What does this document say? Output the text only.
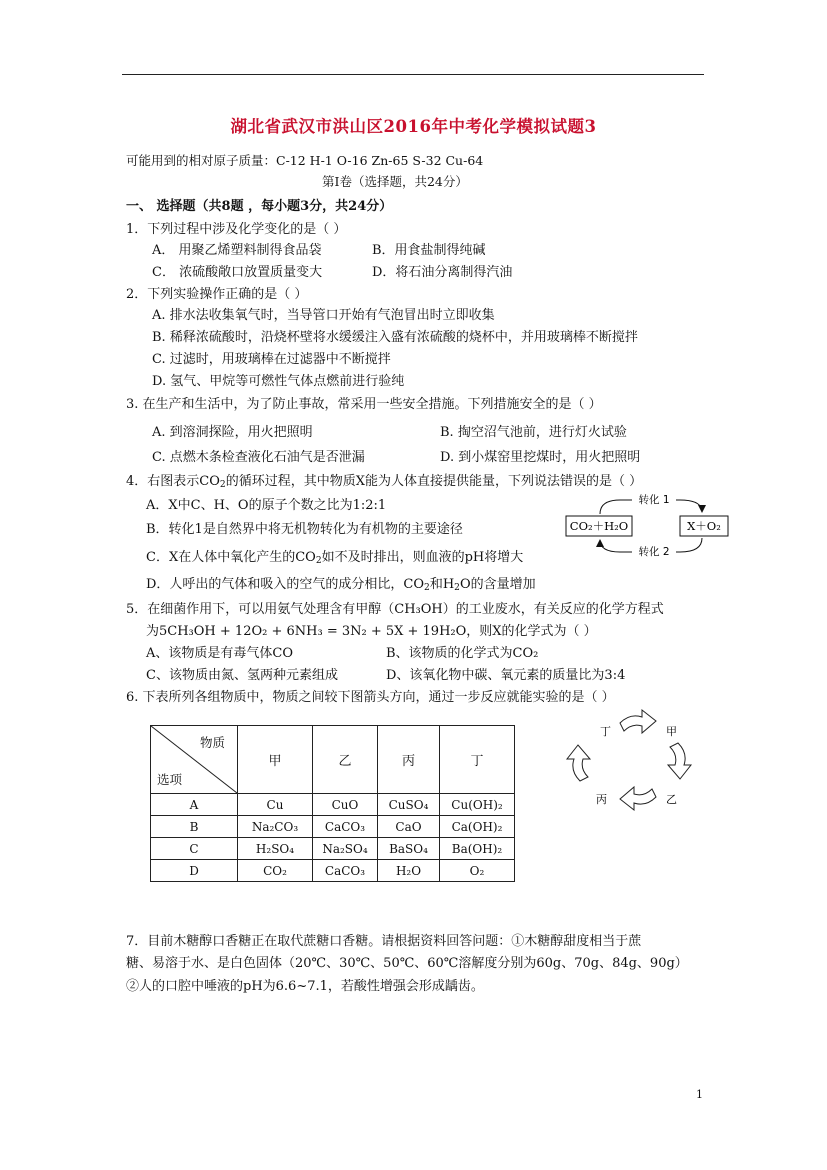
湖北省武汉市洪山区2016年中考化学模拟试题3
可能用到的相对原子质量：C-12 H-1 O-16 Zn-65 S-32 Cu-64
第Ⅰ卷（选择题，共24分）
一、 选择题（共8题 ，每小题3分，共24分）
1．下列过程中涉及化学变化的是（ ）
A． 用聚乙烯塑料制得食品袋	B．用食盐制得纯碱
C． 浓硫酸敞口放置质量变大	D．将石油分离制得汽油
2．下列实验操作正确的是（ ）
A. 排水法收集氧气时，当导管口开始有气泡冒出时立即收集
B. 稀释浓硫酸时，沿烧杯壁将水缓缓注入盛有浓硫酸的烧杯中，并用玻璃棒不断搅拌
C. 过滤时，用玻璃棒在过滤器中不断搅拌
D. 氢气、甲烷等可燃性气体点燃前进行验纯
3. 在生产和生活中，为了防止事故，常采用一些安全措施。下列措施安全的是（ ）
A. 到溶洞探险，用火把照明	B. 掏空沼气池前，进行灯火试验
C. 点燃木条检查液化石油气是否泄漏	D. 到小煤窑里挖煤时，用火把照明
4．右图表示$CO_2$的循环过程，其中物质X能为人体直接提供能量，下列说法错误的是（ ）
A．X中C、H、O的原子个数之比为1:2:1
B．转化1是自然界中将无机物转化为有机物的主要途径
C．X在人体中氧化产生的$CO_2$如不及时排出，则血液的pH将增大
D．人呼出的气体和吸入的空气的成分相比，$CO_2$和$H_2O$的含量增加
CO₂＋H₂O	X＋O₂
转化 1
转化 2
5．在细菌作用下，可以用氨气处理含有甲醇（CH₃OH）的工业废水，有关反应的化学方程式
为5CH₃OH + 12O₂ + 6NH₃ = 3N₂ + 5X + 19H₂O，则X的化学式为（ ）
A、该物质是有毒气体CO	B、该物质的化学式为CO₂
C、该物质由氮、氢两种元素组成	D、该氧化物中碳、氧元素的质量比为3:4
6. 下表所列各组物质中，物质之间较下图箭头方向，通过一步反应就能实验的是（ ）
物质
选项	甲	乙	丙	丁
A	Cu	CuO	CuSO₄	Cu(OH)₂
B	Na₂CO₃	CaCO₃	CaO	Ca(OH)₂
C	H₂SO₄	Na₂SO₄	BaSO₄	Ba(OH)₂
D	CO₂	CaCO₃	H₂O	O₂
丁	甲
乙
丙
7．目前木糖醇口香糖正在取代蔗糖口香糖。请根据资料回答问题：①木糖醇甜度相当于蔗
糖、易溶于水、是白色固体（20℃、30℃、50℃、60℃溶解度分别为60g、70g、84g、90g）
②人的口腔中唾液的pH为6.6~7.1，若酸性增强会形成龋齿。
1
